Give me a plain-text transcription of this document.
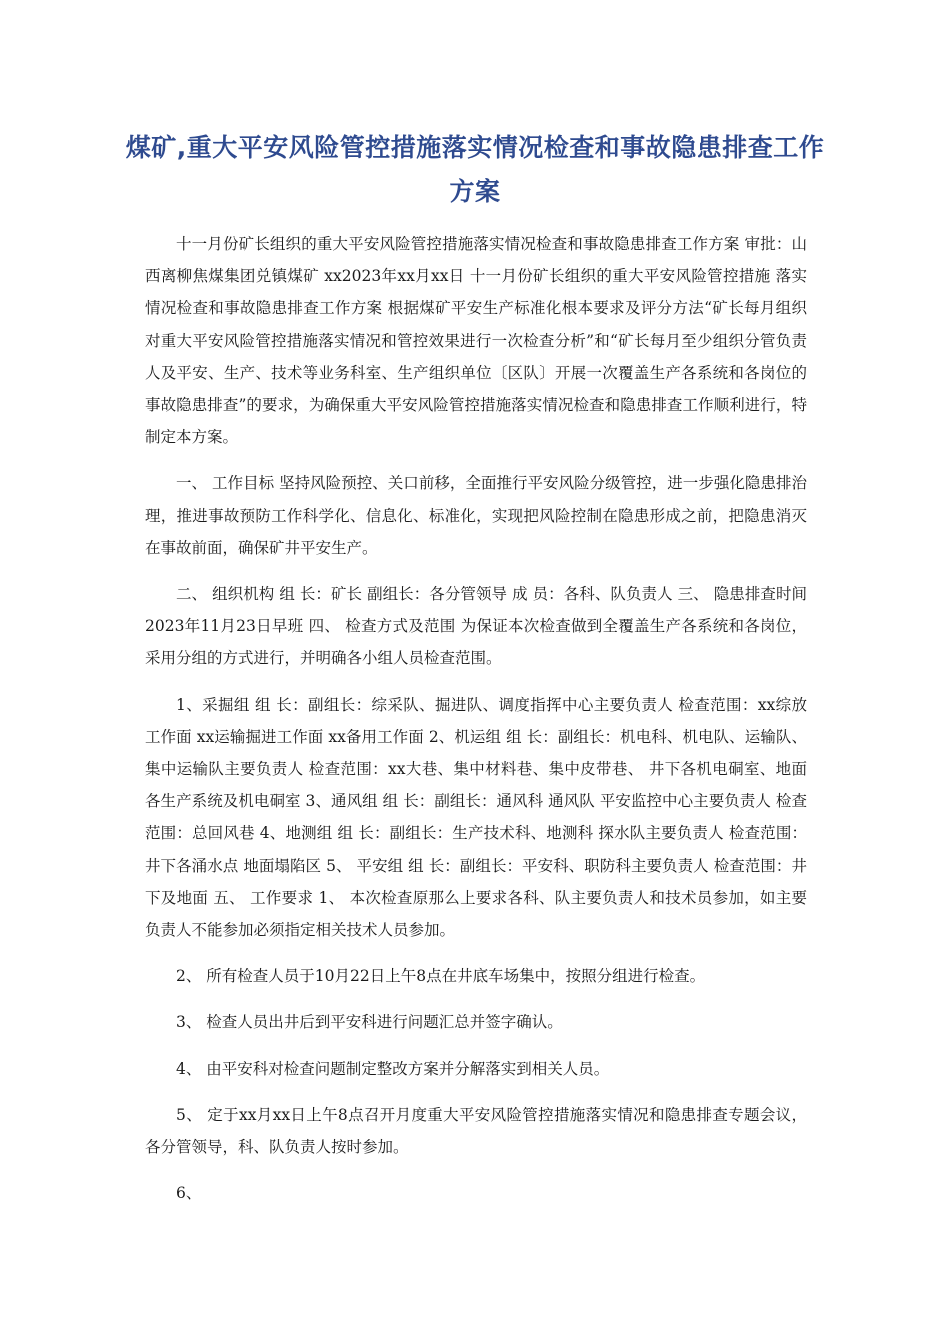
煤矿,重大平安风险管控措施落实情况检查和事故隐患排查工作方案

十一月份矿长组织的重大平安风险管控措施落实情况检查和事故隐患排查工作方案 审批：山西离柳焦煤集团兑镇煤矿 xx2023年xx月xx日 十一月份矿长组织的重大平安风险管控措施 落实情况检查和事故隐患排查工作方案 根据煤矿平安生产标准化根本要求及评分方法“矿长每月组织对重大平安风险管控措施落实情况和管控效果进行一次检查分析”和“矿长每月至少组织分管负责人及平安、生产、技术等业务科室、生产组织单位〔区队〕开展一次覆盖生产各系统和各岗位的事故隐患排查”的要求，为确保重大平安风险管控措施落实情况检查和隐患排查工作顺利进行，特制定本方案。

一、 工作目标 坚持风险预控、关口前移，全面推行平安风险分级管控，进一步强化隐患排治理，推进事故预防工作科学化、信息化、标准化，实现把风险控制在隐患形成之前，把隐患消灭在事故前面，确保矿井平安生产。

二、 组织机构 组 长：矿长 副组长：各分管领导 成 员：各科、队负责人 三、 隐患排查时间 2023年11月23日早班 四、 检查方式及范围 为保证本次检查做到全覆盖生产各系统和各岗位，采用分组的方式进行，并明确各小组人员检查范围。

1、采掘组 组 长：副组长：综采队、掘进队、调度指挥中心主要负责人 检查范围：xx综放工作面 xx运输掘进工作面 xx备用工作面 2、机运组 组 长：副组长：机电科、机电队、运输队、集中运输队主要负责人 检查范围：xx大巷、集中材料巷、集中皮带巷、 井下各机电硐室、地面各生产系统及机电硐室 3、通风组 组 长：副组长：通风科 通风队 平安监控中心主要负责人 检查范围：总回风巷 4、地测组 组 长：副组长：生产技术科、地测科 探水队主要负责人 检查范围：井下各涌水点 地面塌陷区 5、 平安组 组 长：副组长：平安科、职防科主要负责人 检查范围：井下及地面 五、 工作要求 1、 本次检查原那么上要求各科、队主要负责人和技术员参加，如主要负责人不能参加必须指定相关技术人员参加。

2、 所有检查人员于10月22日上午8点在井底车场集中，按照分组进行检查。

3、 检查人员出井后到平安科进行问题汇总并签字确认。

4、 由平安科对检查问题制定整改方案并分解落实到相关人员。

5、 定于xx月xx日上午8点召开月度重大平安风险管控措施落实情况和隐患排查专题会议，各分管领导，科、队负责人按时参加。

6、
